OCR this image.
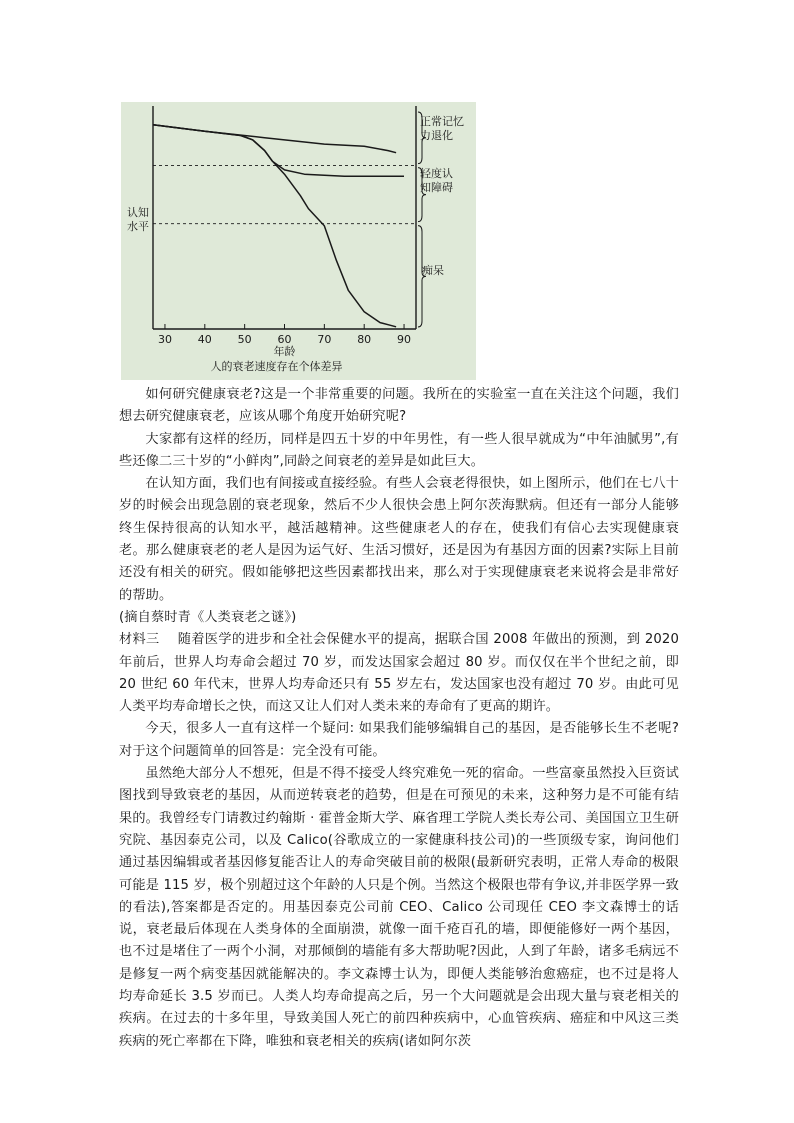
30 40 50 60 70 80 90
正常记忆
力退化
轻度认
知障碍
痴呆
认知
水平
年龄
人的衰老速度存在个体差异

如何研究健康衰老?这是一个非常重要的问题。我所在的实验室一直在关注这个问题，我们想去研究健康衰老，应该从哪个角度开始研究呢?

大家都有这样的经历，同样是四五十岁的中年男性，有一些人很早就成为“中年油腻男”,有些还像二三十岁的“小鲜肉”,同龄之间衰老的差异是如此巨大。

在认知方面，我们也有间接或直接经验。有些人会衰老得很快，如上图所示，他们在七八十岁的时候会出现急剧的衰老现象，然后不少人很快会患上阿尔茨海默病。但还有一部分人能够终生保持很高的认知水平，越活越精神。这些健康老人的存在，使我们有信心去实现健康衰老。那么健康衰老的老人是因为运气好、生活习惯好，还是因为有基因方面的因素?实际上目前还没有相关的研究。假如能够把这些因素都找出来，那么对于实现健康衰老来说将会是非常好的帮助。

(摘自蔡时青《人类衰老之谜》)

材料三 随着医学的进步和全社会保健水平的提高，据联合国 2008 年做出的预测，到 2020 年前后，世界人均寿命会超过 70 岁，而发达国家会超过 80 岁。而仅仅在半个世纪之前，即 20 世纪 60 年代末，世界人均寿命还只有 55 岁左右，发达国家也没有超过 70 岁。由此可见人类平均寿命增长之快，而这又让人们对人类未来的寿命有了更高的期许。

今天，很多人一直有这样一个疑问: 如果我们能够编辑自己的基因，是否能够长生不老呢?对于这个问题简单的回答是：完全没有可能。

虽然绝大部分人不想死，但是不得不接受人终究难免一死的宿命。一些富豪虽然投入巨资试图找到导致衰老的基因，从而逆转衰老的趋势，但是在可预见的未来，这种努力是不可能有结果的。我曾经专门请教过约翰斯 · 霍普金斯大学、麻省理工学院人类长寿公司、美国国立卫生研究院、基因泰克公司，以及 Calico(谷歌成立的一家健康科技公司)的一些顶级专家，询问他们通过基因编辑或者基因修复能否让人的寿命突破目前的极限(最新研究表明，正常人寿命的极限可能是 115 岁，极个别超过这个年龄的人只是个例。当然这个极限也带有争议,并非医学界一致的看法),答案都是否定的。用基因泰克公司前 CEO、Calico 公司现任 CEO 李文森博士的话说，衰老最后体现在人类身体的全面崩溃，就像一面千疮百孔的墙，即便能修好一两个基因，也不过是堵住了一两个小洞，对那倾倒的墙能有多大帮助呢?因此，人到了年龄，诸多毛病远不是修复一两个病变基因就能解决的。李文森博士认为，即便人类能够治愈癌症，也不过是将人均寿命延长 3.5 岁而已。人类人均寿命提高之后，另一个大问题就是会出现大量与衰老相关的疾病。在过去的十多年里，导致美国人死亡的前四种疾病中，心血管疾病、癌症和中风这三类疾病的死亡率都在下降，唯独和衰老相关的疾病(诸如阿尔茨
